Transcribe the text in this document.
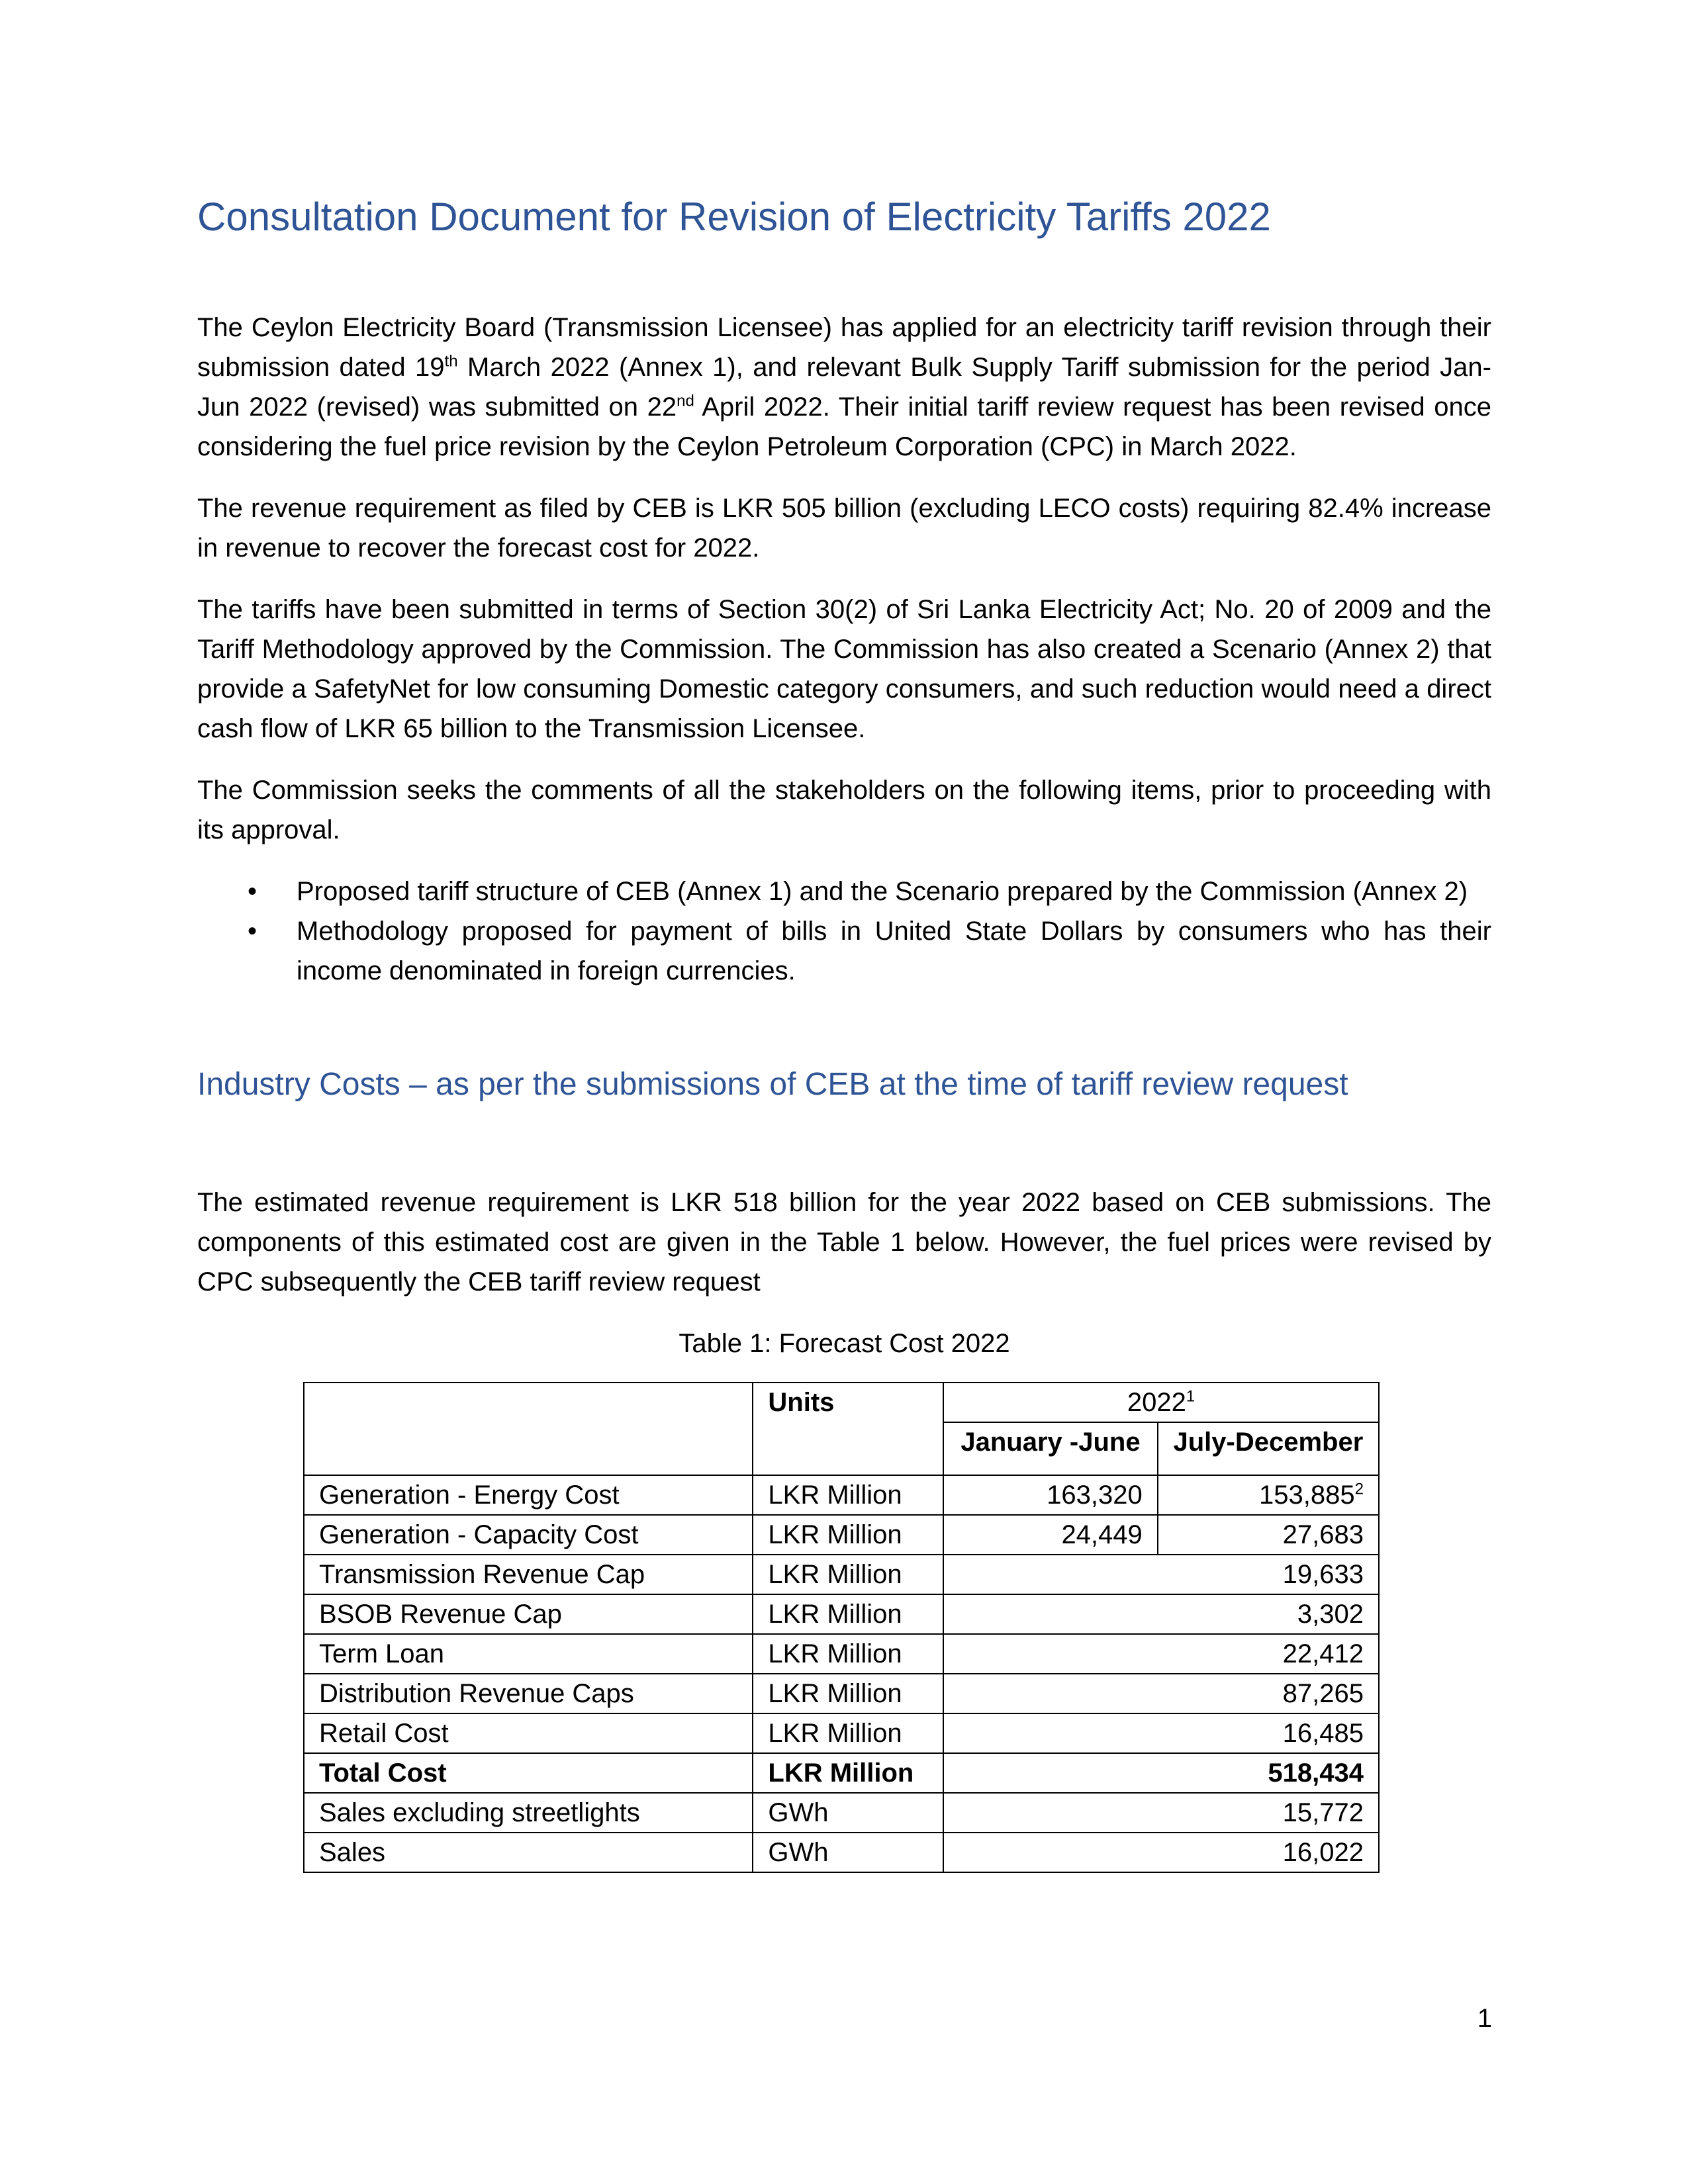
Consultation Document for Revision of Electricity Tariffs 2022

The Ceylon Electricity Board (Transmission Licensee) has applied for an electricity tariff revision through their submission dated 19th March 2022 (Annex 1), and relevant Bulk Supply Tariff submission for the period Jan-Jun 2022 (revised) was submitted on 22nd April 2022. Their initial tariff review request has been revised once considering the fuel price revision by the Ceylon Petroleum Corporation (CPC) in March 2022.

The revenue requirement as filed by CEB is LKR 505 billion (excluding LECO costs) requiring 82.4% increase in revenue to recover the forecast cost for 2022.

The tariffs have been submitted in terms of Section 30(2) of Sri Lanka Electricity Act; No. 20 of 2009 and the Tariff Methodology approved by the Commission. The Commission has also created a Scenario (Annex 2) that provide a SafetyNet for low consuming Domestic category consumers, and such reduction would need a direct cash flow of LKR 65 billion to the Transmission Licensee.

The Commission seeks the comments of all the stakeholders on the following items, prior to proceeding with its approval.

• Proposed tariff structure of CEB (Annex 1) and the Scenario prepared by the Commission (Annex 2)
• Methodology proposed for payment of bills in United State Dollars by consumers who has their income denominated in foreign currencies.
Industry Costs – as per the submissions of CEB at the time of tariff review request

The estimated revenue requirement is LKR 518 billion for the year 2022 based on CEB submissions. The components of this estimated cost are given in the Table 1 below. However, the fuel prices were revised by CPC subsequently the CEB tariff review request

Table 1: Forecast Cost 2022
	Units	2022$^1$
		January -June	July-December
Generation - Energy Cost	LKR Million	163,320	153,885$^2$
Generation - Capacity Cost	LKR Million	24,449	27,683
Transmission Revenue Cap	LKR Million	19,633	
BSOB Revenue Cap	LKR Million	3,302	
Term Loan	LKR Million	22,412	
Distribution Revenue Caps	LKR Million	87,265	
Retail Cost	LKR Million	16,485	
Total Cost	LKR Million	518,434	
Sales excluding streetlights	GWh	15,772	
Sales	GWh	16,022	
1
